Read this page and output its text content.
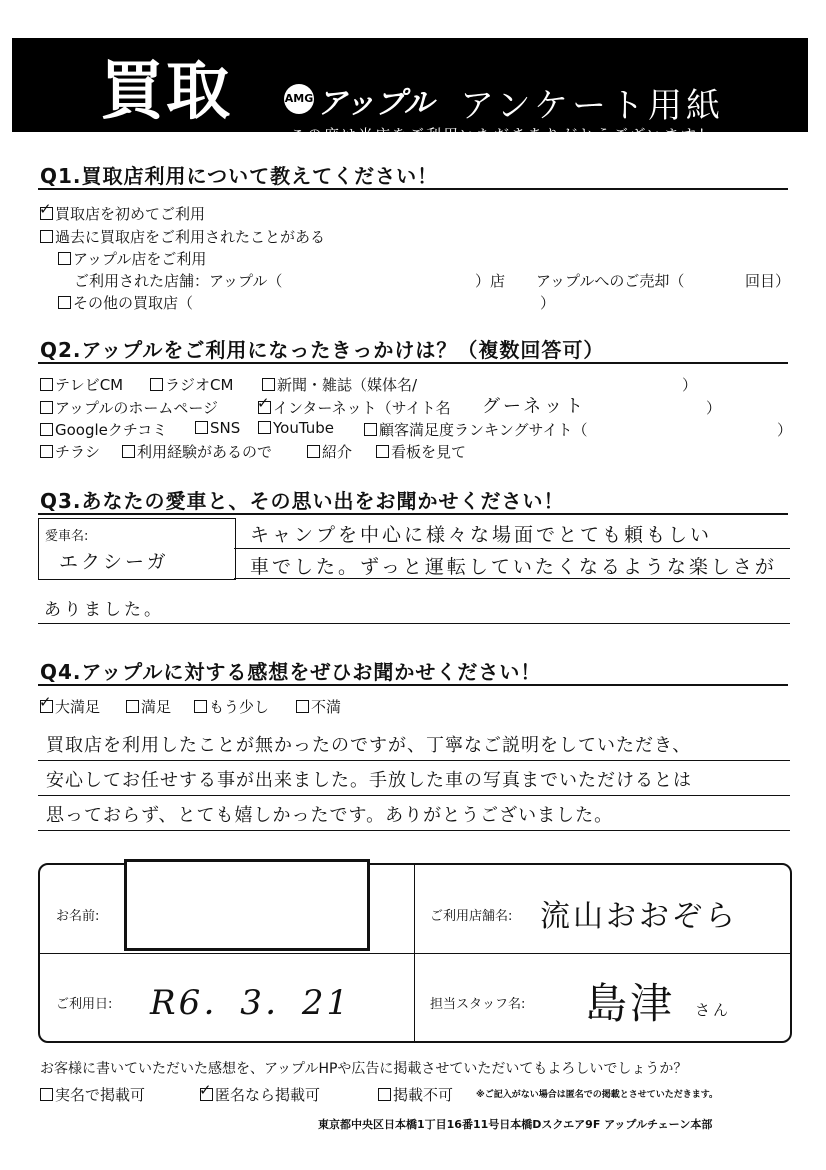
買取	AMG アップル アンケート用紙
この度は当店をご利用いただきありがとうございます！
Q1.買取店利用について教えてください！
✓買取店を初めてご利用
過去に買取店をご利用されたことがある
アップル店をご利用
ご利用された店舗：アップル（	）店 アップルへのご売却（	回目）
その他の買取店（	）
Q2.アップルをご利用になったきっかけは？（複数回答可）
テレビCM	ラジオCM	新聞・雑誌（媒体名/	）
アップルのホームページ ✓	インターネット（サイト名 グーネット	）
Googleクチコミ	SNS	YouTube	顧客満足度ランキングサイト（	）
チラシ	利用経験があるので	紹介	看板を見て
Q3.あなたの愛車と、その思い出をお聞かせください！
愛車名:
エクシーガ
キャンプを中心に様々な場面でとても頼もしい
車でした。ずっと運転していたくなるような楽しさが
ありました。
Q4.アップルに対する感想をぜひお聞かせください！
✓大満足	満足	もう少し	不満
買取店を利用したことが無かったのですが、丁寧なご説明をしていただき、
安心してお任せする事が出来ました。手放した車の写真までいただけるとは
思っておらず、とても嬉しかったです。ありがとうございました。
お名前:	ご利用店舗名: 流山おおぞら
ご利用日: R6．3．21	担当スタッフ名: 島津 さん
お客様に書いていただいた感想を、アップルHPや広告に掲載させていただいてもよろしいでしょうか？
実名で掲載可 ✓	匿名なら掲載可	掲載不可	※ご記入がない場合は匿名での掲載とさせていただきます。
東京都中央区日本橋1丁目16番11号日本橋Dスクエア9F アップルチェーン本部
